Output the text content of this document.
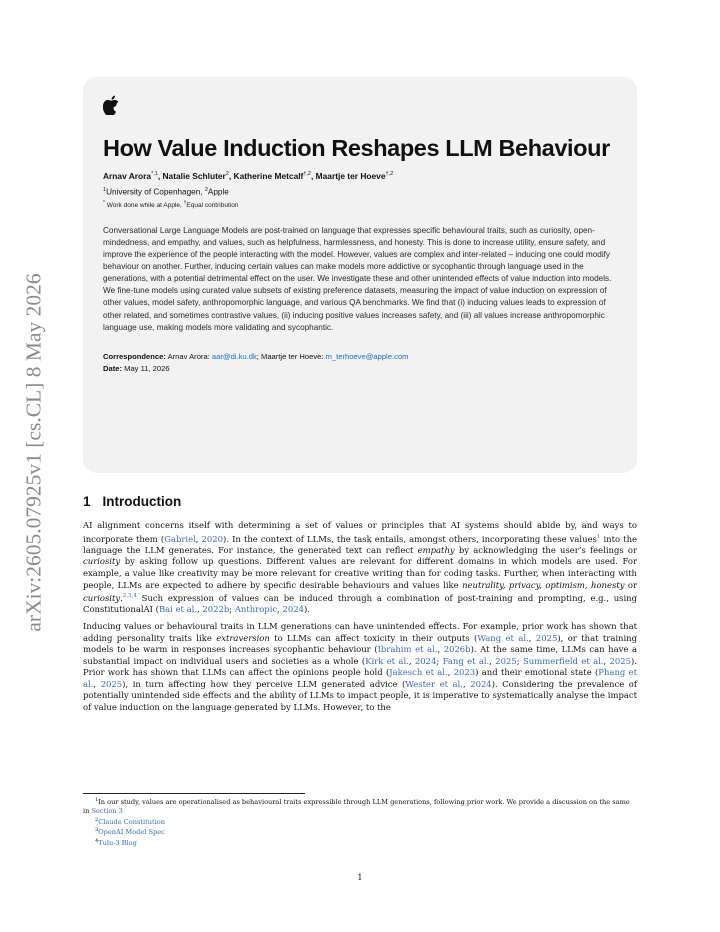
arXiv:2605.07925v1 [cs.CL] 8 May 2026
How Value Induction Reshapes LLM Behaviour
Arnav Arora$^{*,1}$, Natalie Schluter$^2$, Katherine Metcalf$^{\dagger,2}$, Maartje ter Hoeve$^{\dagger,2}$
$^1$University of Copenhagen, $^2$Apple
* Work done while at Apple, †Equal contribution

Conversational Large Language Models are post-trained on language that expresses specific behavioural traits, such as curiosity, open-mindedness, and empathy, and values, such as helpfulness, harmlessness, and honesty. This is done to increase utility, ensure safety, and improve the experience of the people interacting with the model. However, values are complex and inter-related – inducing one could modify behaviour on another. Further, inducing certain values can make models more addictive or sycophantic through language used in the generations, with a potential detrimental effect on the user. We investigate these and other unintended effects of value induction into models. We fine-tune models using curated value subsets of existing preference datasets, measuring the impact of value induction on expression of other values, model safety, anthropomorphic language, and various QA benchmarks. We find that (i) inducing values leads to expression of other related, and sometimes contrastive values, (ii) inducing positive values increases safety, and (iii) all values increase anthropomorphic language use, making models more validating and sycophantic.

Correspondence: Arnav Arora: aar@di.ku.dk; Maartje ter Hoeve: m_terhoeve@apple.com
Date: May 11, 2026
1 Introduction

AI alignment concerns itself with determining a set of values or principles that AI systems should abide by, and ways to incorporate them (Gabriel, 2020). In the context of LLMs, the task entails, amongst others, incorporating these values$^1$ into the language the LLM generates. For instance, the generated text can reflect empathy by acknowledging the user’s feelings or curiosity by asking follow up questions. Different values are relevant for different domains in which models are used. For example, a value like creativity may be more relevant for creative writing than for coding tasks. Further, when interacting with people, LLMs are expected to adhere by specific desirable behaviours and values like neutrality, privacy, optimism, honesty or curiosity.$^{2,3,4}$ Such expression of values can be induced through a combination of post-training and prompting, e.g., using ConstitutionalAI (Bai et al., 2022b; Anthropic, 2024).

Inducing values or behavioural traits in LLM generations can have unintended effects. For example, prior work has shown that adding personality traits like extraversion to LLMs can affect toxicity in their outputs (Wang et al., 2025), or that training models to be warm in responses increases sycophantic behaviour (Ibrahim et al., 2026b). At the same time, LLMs can have a substantial impact on individual users and societies as a whole (Kirk et al., 2024; Fang et al., 2025; Summerfield et al., 2025). Prior work has shown that LLMs can affect the opinions people hold (Jakesch et al., 2023) and their emotional state (Phang et al., 2025), in turn affecting how they perceive LLM generated advice (Wester et al., 2024). Considering the prevalence of potentially unintended side effects and the ability of LLMs to impact people, it is imperative to systematically analyse the impact of value induction on the language generated by LLMs. However, to the

$^1$In our study, values are operationalised as behavioural traits expressible through LLM generations, following prior work. We provide a discussion on the same in Section 3
$^2$Claude Constitution
$^3$OpenAI Model Spec
$^4$Tulu-3 Blog
1
